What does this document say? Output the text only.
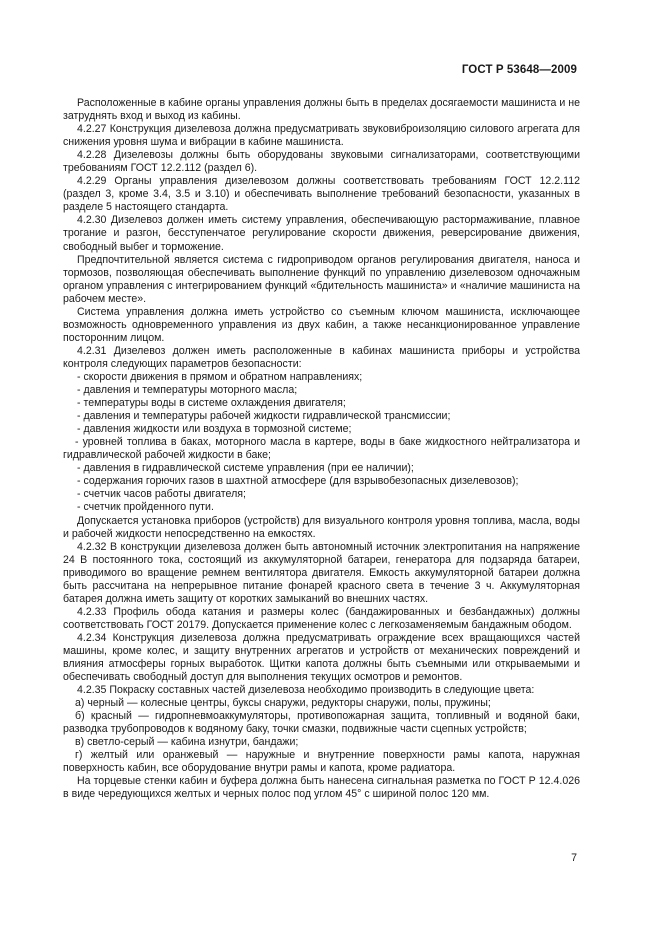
ГОСТ Р 53648—2009

Расположенные в кабине органы управления должны быть в пределах досягаемости машиниста и не затруднять вход и выход из кабины.

4.2.27 Конструкция дизелевоза должна предусматривать звуковиброизоляцию силового агрегата для снижения уровня шума и вибрации в кабине машиниста.

4.2.28 Дизелевозы должны быть оборудованы звуковыми сигнализаторами, соответствующими требованиям ГОСТ 12.2.112 (раздел 6).

4.2.29 Органы управления дизелевозом должны соответствовать требованиям ГОСТ 12.2.112 (раздел 3, кроме 3.4, 3.5 и 3.10) и обеспечивать выполнение требований безопасности, указанных в разделе 5 настоящего стандарта.

4.2.30 Дизелевоз должен иметь систему управления, обеспечивающую растормаживание, плавное трогание и разгон, бесступенчатое регулирование скорости движения, реверсирование движения, свободный выбег и торможение.

Предпочтительной является система с гидроприводом органов регулирования двигателя, наноса и тормозов, позволяющая обеспечивать выполнение функций по управлению дизелевозом одночажным органом управления с интегрированием функций «бдительность машиниста» и «наличие машиниста на рабочем месте».

Система управления должна иметь устройство со съемным ключом машиниста, исключающее возможность одновременного управления из двух кабин, а также несанкционированное управление посторонним лицом.

4.2.31 Дизелевоз должен иметь расположенные в кабинах машиниста приборы и устройства контроля следующих параметров безопасности:

- скорости движения в прямом и обратном направлениях;

- давления и температуры моторного масла;

- температуры воды в системе охлаждения двигателя;

- давления и температуры рабочей жидкости гидравлической трансмиссии;

- давления жидкости или воздуха в тормозной системе;

- уровней топлива в баках, моторного масла в картере, воды в баке жидкостного нейтрализатора и гидравлической рабочей жидкости в баке;

- давления в гидравлической системе управления (при ее наличии);

- содержания горючих газов в шахтной атмосфере (для взрывобезопасных дизелевозов);

- счетчик часов работы двигателя;

- счетчик пройденного пути.

Допускается установка приборов (устройств) для визуального контроля уровня топлива, масла, воды и рабочей жидкости непосредственно на емкостях.

4.2.32 В конструкции дизелевоза должен быть автономный источник электропитания на напряжение 24 В постоянного тока, состоящий из аккумуляторной батареи, генератора для подзаряда батареи, приводимого во вращение ремнем вентилятора двигателя. Емкость аккумуляторной батареи должна быть рассчитана на непрерывное питание фонарей красного света в течение 3 ч. Аккумуляторная батарея должна иметь защиту от коротких замыканий во внешних частях.

4.2.33 Профиль обода катания и размеры колес (бандажированных и безбандажных) должны соответствовать ГОСТ 20179. Допускается применение колес с легкозаменяемым бандажным ободом.

4.2.34 Конструкция дизелевоза должна предусматривать ограждение всех вращающихся частей машины, кроме колес, и защиту внутренних агрегатов и устройств от механических повреждений и влияния атмосферы горных выработок. Щитки капота должны быть съемными или открываемыми и обеспечивать свободный доступ для выполнения текущих осмотров и ремонтов.

4.2.35 Покраску составных частей дизелевоза необходимо производить в следующие цвета:

а) черный — колесные центры, буксы снаружи, редукторы снаружи, полы, пружины;

б) красный — гидропневмоаккумуляторы, противопожарная защита, топливный и водяной баки, разводка трубопроводов к водяному баку, точки смазки, подвижные части сцепных устройств;

в) светло-серый — кабина изнутри, бандажи;

г) желтый или оранжевый — наружные и внутренние поверхности рамы капота, наружная поверхность кабин, все оборудование внутри рамы и капота, кроме радиатора.

На торцевые стенки кабин и буфера должна быть нанесена сигнальная разметка по ГОСТ Р 12.4.026 в виде чередующихся желтых и черных полос под углом 45° с шириной полос 120 мм.

7
